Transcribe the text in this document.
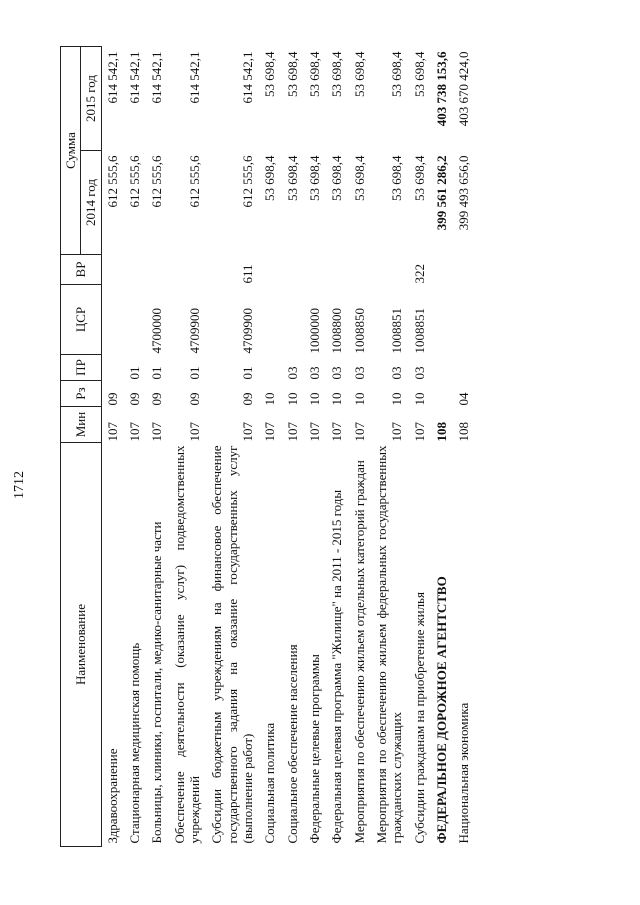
1712
Наименование	Мин	Рз	ПР	ЦСР	ВР	Сумма	
						2014 год	2015 год
Здравоохранение	107	09				612 555,6	614 542,1
Стационарная медицинская помощь	107	09	01			612 555,6	614 542,1
Больницы, клиники, госпитали, медико-санитарные части	107	09	01	4700000		612 555,6	614 542,1
Обеспечение деятельности (оказание услуг) подведомственных учреждений	107	09	01	4709900		612 555,6	614 542,1
Субсидии бюджетным учреждениям на финансовое обеспечение государственного задания на оказание государственных услуг (выполнение работ)	107	09	01	4709900	611	612 555,6	614 542,1
Социальная политика	107	10				53 698,4	53 698,4
Социальное обеспечение населения	107	10	03			53 698,4	53 698,4
Федеральные целевые программы	107	10	03	1000000		53 698,4	53 698,4
Федеральная целевая программа "Жилище" на 2011 - 2015 годы	107	10	03	1008800		53 698,4	53 698,4
Мероприятия по обеспечению жильем отдельных категорий граждан	107	10	03	1008850		53 698,4	53 698,4
Мероприятия по обеспечению жильем федеральных государственных гражданских служащих	107	10	03	1008851		53 698,4	53 698,4
Субсидии гражданам на приобретение жилья	107	10	03	1008851	322	53 698,4	53 698,4
ФЕДЕРАЛЬНОЕ ДОРОЖНОЕ АГЕНТСТВО	108					399 561 286,2	403 738 153,6
Национальная экономика	108	04				399 493 656,0	403 670 424,0
